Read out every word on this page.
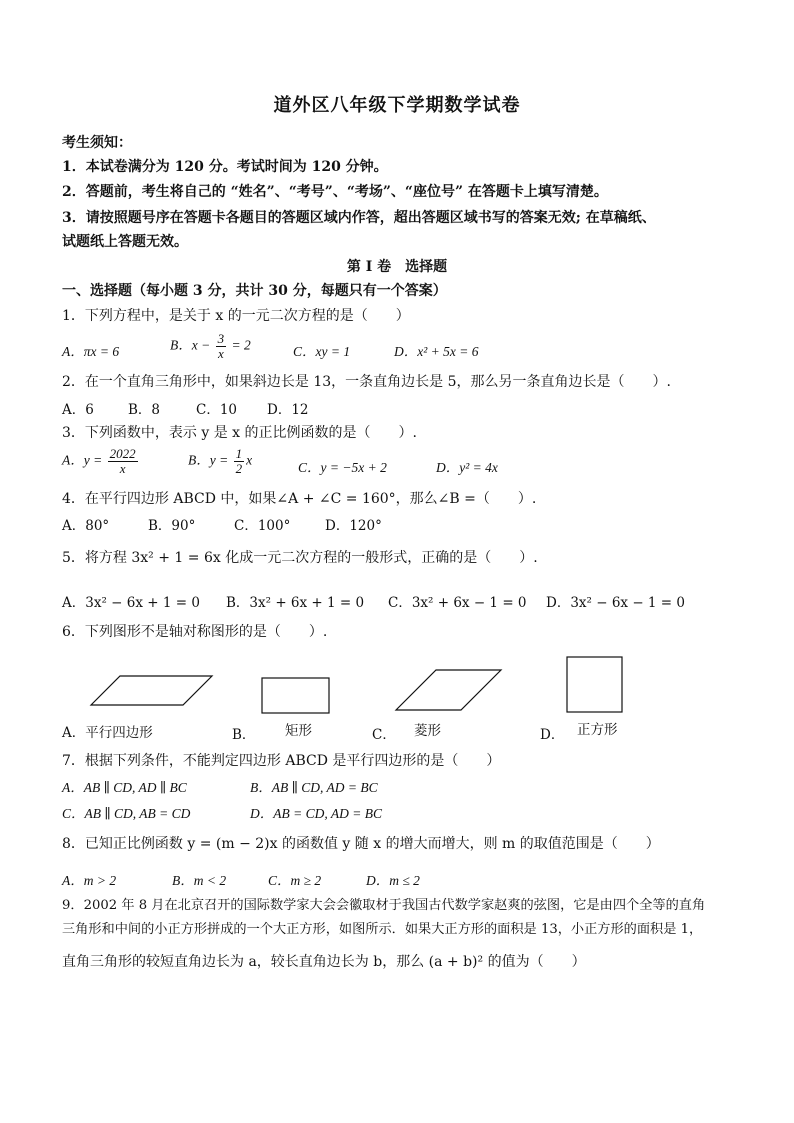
道外区八年级下学期数学试卷
考生须知：
1．本试卷满分为 120 分。考试时间为 120 分钟。
2．答题前，考生将自己的 “姓名”、“考号”、“考场”、“座位号” 在答题卡上填写清楚。
3．请按照题号序在答题卡各题目的答题区域内作答，超出答题区域书写的答案无效; 在草稿纸、
试题纸上答题无效。
第 I 卷　选择题
一、选择题（每小题 3 分，共计 30 分，每题只有一个答案）
1．下列方程中，是关于 x 的一元二次方程的是（　　）
A．πx = 6	B．$x - \frac{3}{x} = 2$	C．xy = 1	D．x² + 5x = 6
2．在一个直角三角形中，如果斜边长是 13，一条直角边长是 5，那么另一条直角边长是（　　）.
A．6	B．8	C．10 D．12
3．下列函数中，表示 y 是 x 的正比例函数的是（　　）.
A．$y = \frac{2022}{x}$	B．$y = \frac{1}{2}$ x	C．y = −5x + 2	D．y² = 4x
4．在平行四边形 ABCD 中，如果∠A + ∠C = 160°，那么∠B =（　　）.
A．80°	B．90°	C．100°	D．120°
5．将方程 3x² + 1 = 6x 化成一元二次方程的一般形式，正确的是（　　）.
A．3x² − 6x + 1 = 0 B．3x² + 6x + 1 = 0 C．3x² + 6x − 1 = 0 D．3x² − 6x − 1 = 0
6．下列图形不是轴对称图形的是（　　）.
A．平行四边形	B． 矩形	C． 菱形	D． 正方形
7．根据下列条件，不能判定四边形 ABCD 是平行四边形的是（　　）
A．AB ∥ CD, AD ∥ BC	B．AB ∥ CD, AD = BC
C．AB ∥ CD, AB = CD	D．AB = CD, AD = BC
8．已知正比例函数 y = (m − 2)x 的函数值 y 随 x 的增大而增大，则 m 的取值范围是（　　）
A．m > 2	B．m < 2	C．m ≥ 2	D．m ≤ 2
9．2002 年 8 月在北京召开的国际数学家大会会徽取材于我国古代数学家赵爽的弦图，它是由四个全等的直角
三角形和中间的小正方形拼成的一个大正方形，如图所示．如果大正方形的面积是 13，小正方形的面积是 1，
直角三角形的较短直角边长为 a，较长直角边长为 b，那么 (a + b)² 的值为（　　）
